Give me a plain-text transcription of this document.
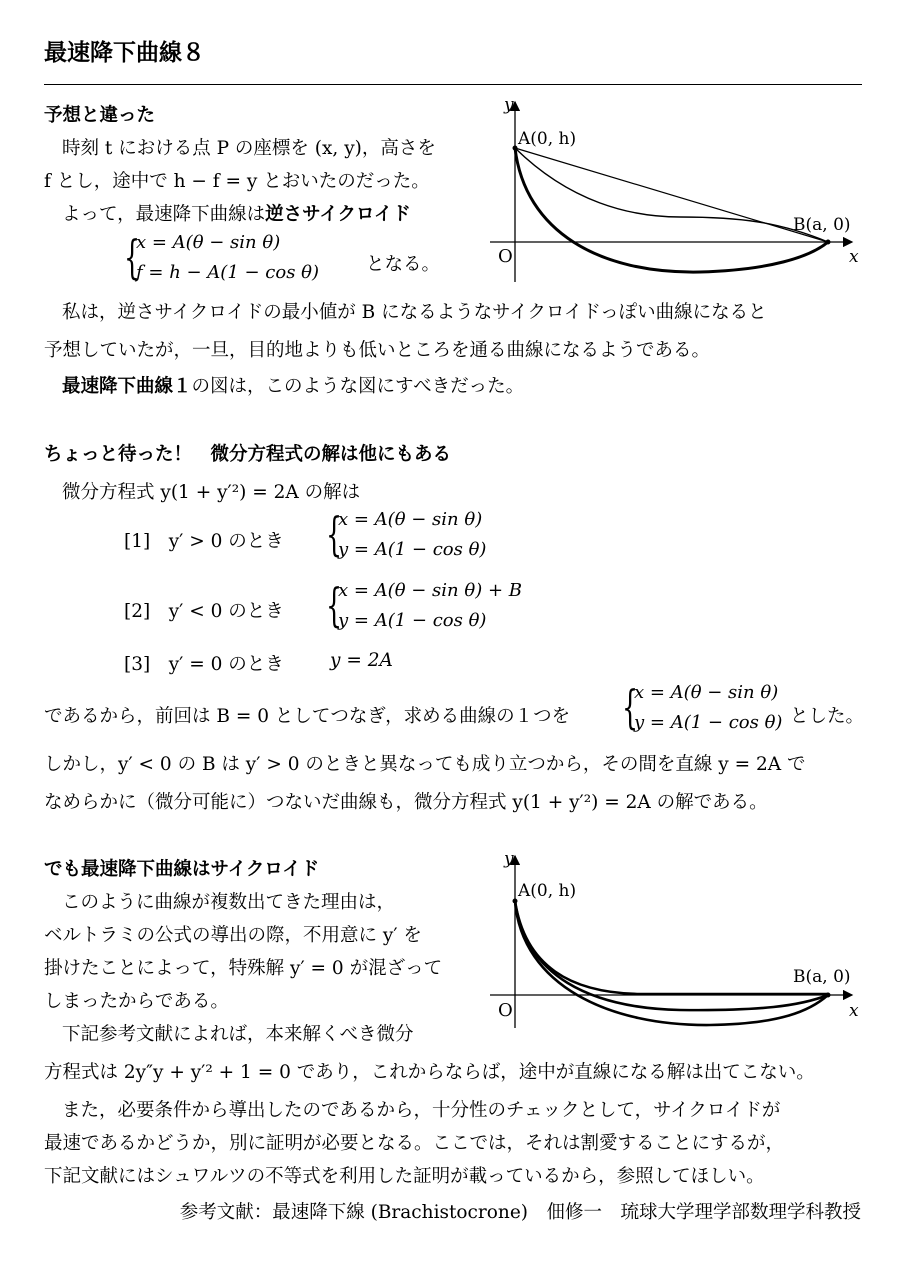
最速降下曲線８
予想と違った
時刻 t における点 P の座標を (x, y)，高さを
f とし，途中で h − f = y とおいたのだった。
よって，最速降下曲線は逆さサイクロイド
{
x = A(θ − sin θ)
f = h − A(1 − cos θ)	となる。
私は，逆さサイクロイドの最小値が B になるようなサイクロイドっぽい曲線になると
予想していたが，一旦，目的地よりも低いところを通る曲線になるようである。
最速降下曲線１の図は，このような図にすべきだった。
y
x
O
A(0, h)
B(a, 0)
ちょっと待った！　微分方程式の解は他にもある
微分方程式 y(1 + y′²) = 2A の解は
[1]　y′ > 0 のとき {
x = A(θ − sin θ)
y = A(1 − cos θ)
[2]　y′ < 0 のとき {
x = A(θ − sin θ) + B
y = A(1 − cos θ)
[3]　y′ = 0 のとき y = 2A
であるから，前回は B = 0 としてつなぎ，求める曲線の１つを {
x = A(θ − sin θ)
y = A(1 − cos θ) とした。
しかし，y′ < 0 の B は y′ > 0 のときと異なっても成り立つから，その間を直線 y = 2A で
なめらかに（微分可能に）つないだ曲線も，微分方程式 y(1 + y′²) = 2A の解である。
でも最速降下曲線はサイクロイド
このように曲線が複数出てきた理由は，
ベルトラミの公式の導出の際，不用意に y′ を
掛けたことによって，特殊解 y′ = 0 が混ざって
しまったからである。
下記参考文献によれば，本来解くべき微分
方程式は 2y″y + y′² + 1 = 0 であり，これからならば，途中が直線になる解は出てこない。
また，必要条件から導出したのであるから，十分性のチェックとして，サイクロイドが
最速であるかどうか，別に証明が必要となる。ここでは，それは割愛することにするが，
下記文献にはシュワルツの不等式を利用した証明が載っているから，参照してほしい。
y
x
O
A(0, h)
B(a, 0)
参考文献：最速降下線 (Brachistocrone)　佃修一　琉球大学理学部数理学科教授
